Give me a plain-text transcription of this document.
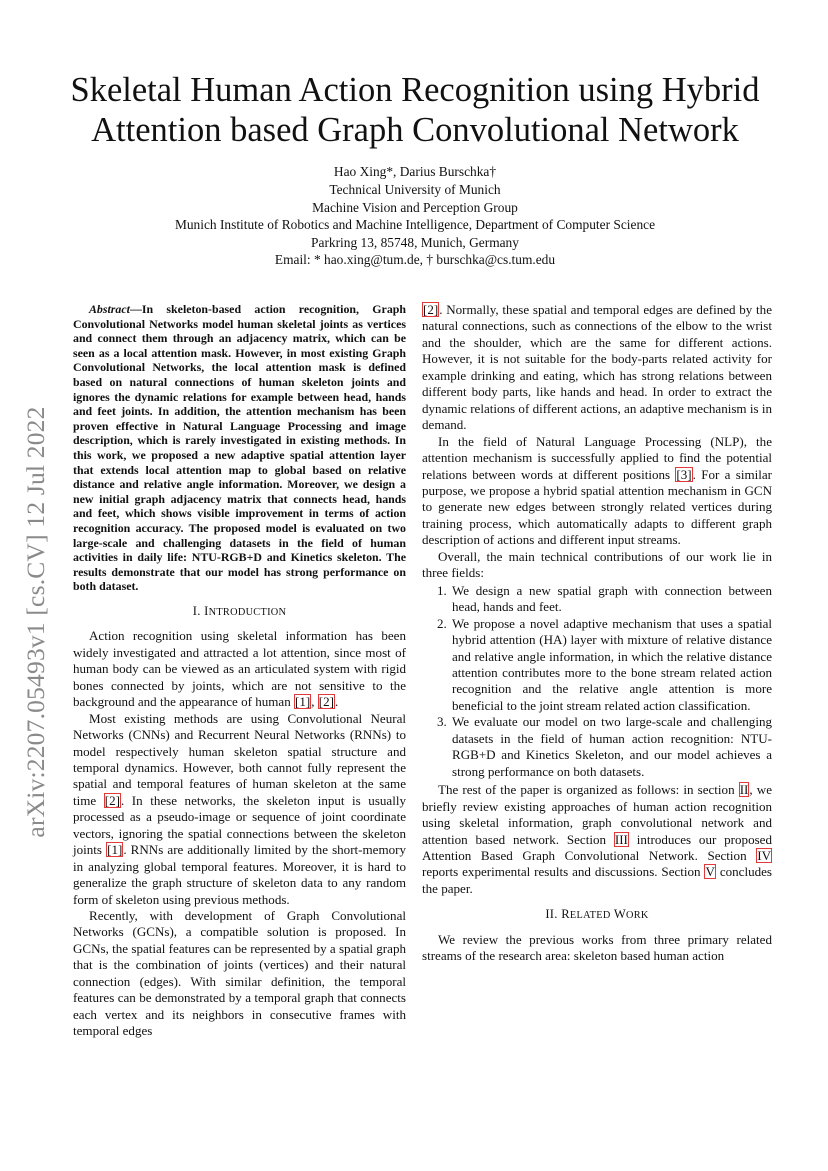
arXiv:2207.05493v1 [cs.CV] 12 Jul 2022
Skeletal Human Action Recognition using Hybrid
Attention based Graph Convolutional Network
Hao Xing*, Darius Burschka†
Technical University of Munich
Machine Vision and Perception Group
Munich Institute of Robotics and Machine Intelligence, Department of Computer Science
Parkring 13, 85748, Munich, Germany
Email: * hao.xing@tum.de, † burschka@cs.tum.edu

Abstract—In skeleton-based action recognition, Graph Convolutional Networks model human skeletal joints as vertices and connect them through an adjacency matrix, which can be seen as a local attention mask. However, in most existing Graph Convolutional Networks, the local attention mask is defined based on natural connections of human skeleton joints and ignores the dynamic relations for example between head, hands and feet joints. In addition, the attention mechanism has been proven effective in Natural Language Processing and image description, which is rarely investigated in existing methods. In this work, we proposed a new adaptive spatial attention layer that extends local attention map to global based on relative distance and relative angle information. Moreover, we design a new initial graph adjacency matrix that connects head, hands and feet, which shows visible improvement in terms of action recognition accuracy. The proposed model is evaluated on two large-scale and challenging datasets in the field of human activities in daily life: NTU-RGB+D and Kinetics skeleton. The results demonstrate that our model has strong performance on both dataset.

I. INTRODUCTION

Action recognition using skeletal information has been widely investigated and attracted a lot attention, since most of human body can be viewed as an articulated system with rigid bones connected by joints, which are not sensitive to the background and the appearance of human [1], [2].

Most existing methods are using Convolutional Neural Networks (CNNs) and Recurrent Neural Networks (RNNs) to model respectively human skeleton spatial structure and temporal dynamics. However, both cannot fully represent the spatial and temporal features of human skeleton at the same time [2]. In these networks, the skeleton input is usually processed as a pseudo-image or sequence of joint coordinate vectors, ignoring the spatial connections between the skeleton joints [1]. RNNs are additionally limited by the short-memory in analyzing global temporal features. Moreover, it is hard to generalize the graph structure of skeleton data to any random form of skeleton using previous methods.

Recently, with development of Graph Convolutional Networks (GCNs), a compatible solution is proposed. In GCNs, the spatial features can be represented by a spatial graph that is the combination of joints (vertices) and their natural connection (edges). With similar definition, the temporal features can be demonstrated by a temporal graph that connects each vertex and its neighbors in consecutive frames with temporal edges

[2]. Normally, these spatial and temporal edges are defined by the natural connections, such as connections of the elbow to the wrist and the shoulder, which are the same for different actions. However, it is not suitable for the body-parts related activity for example drinking and eating, which has strong relations between different body parts, like hands and head. In order to extract the dynamic relations of different actions, an adaptive mechanism is in demand.

In the field of Natural Language Processing (NLP), the attention mechanism is successfully applied to find the potential relations between words at different positions [3]. For a similar purpose, we propose a hybrid spatial attention mechanism in GCN to generate new edges between strongly related vertices during training process, which automatically adapts to different graph description of actions and different input streams.

Overall, the main technical contributions of our work lie in three fields:

1. We design a new spatial graph with connection between head, hands and feet.
2. We propose a novel adaptive mechanism that uses a spatial hybrid attention (HA) layer with mixture of relative distance and relative angle information, in which the relative distance attention contributes more to the bone stream related action recognition and the relative angle attention is more beneficial to the joint stream related action classification.
3. We evaluate our model on two large-scale and challenging datasets in the field of human action recognition: NTU-RGB+D and Kinetics Skeleton, and our model achieves a strong performance on both datasets.

The rest of the paper is organized as follows: in section II, we briefly review existing approaches of human action recognition using skeletal information, graph convolutional network and attention based network. Section III introduces our proposed Attention Based Graph Convolutional Network. Section IV reports experimental results and discussions. Section V concludes the paper.

II. RELATED WORK

We review the previous works from three primary related streams of the research area: skeleton based human action
